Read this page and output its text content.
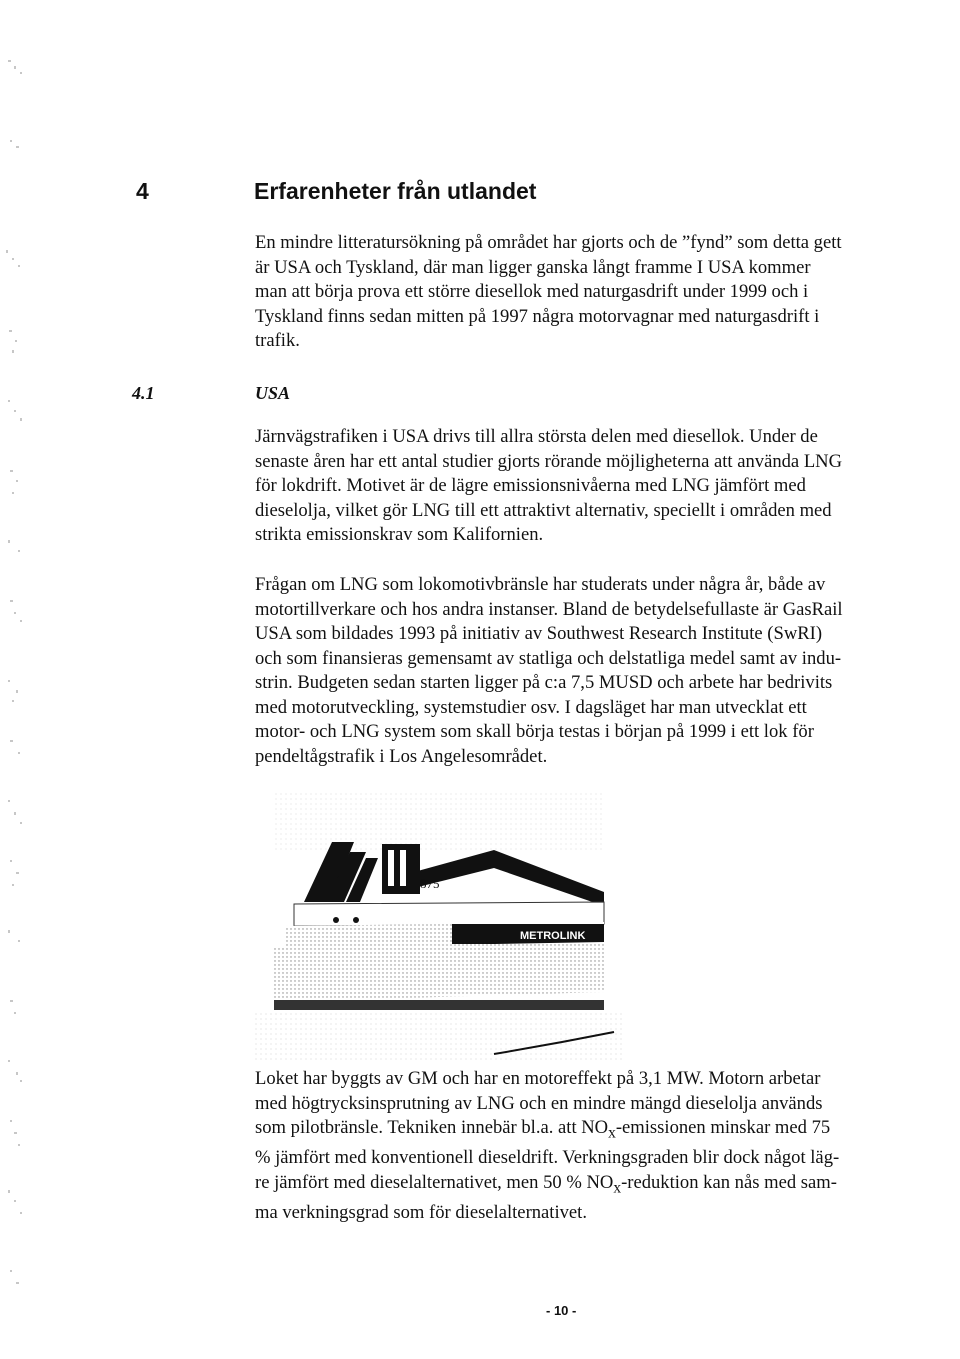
4	Erfarenheter från utlandet

En mindre litteratursökning på området har gjorts och de ”fynd” som detta gett
är USA och Tyskland, där man ligger ganska långt framme I USA kommer
man att börja prova ett större diesellok med naturgasdrift under 1999 och i
Tyskland finns sedan mitten på 1997 några motorvagnar med naturgasdrift i
trafik.

4.1	USA

Järnvägstrafiken i USA drivs till allra största delen med diesellok. Under de
senaste åren har ett antal studier gjorts rörande möjligheterna att använda LNG
för lokdrift. Motivet är de lägre emissionsnivåerna med LNG jämfört med
dieselolja, vilket gör LNG till ett attraktivt alternativ, speciellt i områden med
strikta emissionskrav som Kalifornien.

Frågan om LNG som lokomotivbränsle har studerats under några år, både av
motortillverkare och hos andra instanser. Bland de betydelsefullaste är GasRail
USA som bildades 1993 på initiativ av Southwest Research Institute (SwRI)
och som finansieras gemensamt av statliga och delstatliga medel samt av indu-
strin. Budgeten sedan starten ligger på c:a 7,5 MUSD och arbete har bedrivits
med motorutveckling, systemstudier osv. I dagsläget har man utvecklat ett
motor- och LNG system som skall börja testas i början på 1999 i ett lok för
pendeltågstrafik i Los Angelesområdet.

875
METROLINK

Loket har byggts av GM och har en motoreffekt på 3,1 MW. Motorn arbetar
med högtrycksinsprutning av LNG och en mindre mängd dieselolja används
som pilotbränsle. Tekniken innebär bl.a. att $NO_x$-emissionen minskar med 75
% jämfört med konventionell dieseldrift. Verkningsgraden blir dock något läg-
re jämfört med dieselalternativet, men 50 % $NO_x$-reduktion kan nås med sam-
ma verkningsgrad som för dieselalternativet.

- 10 -
